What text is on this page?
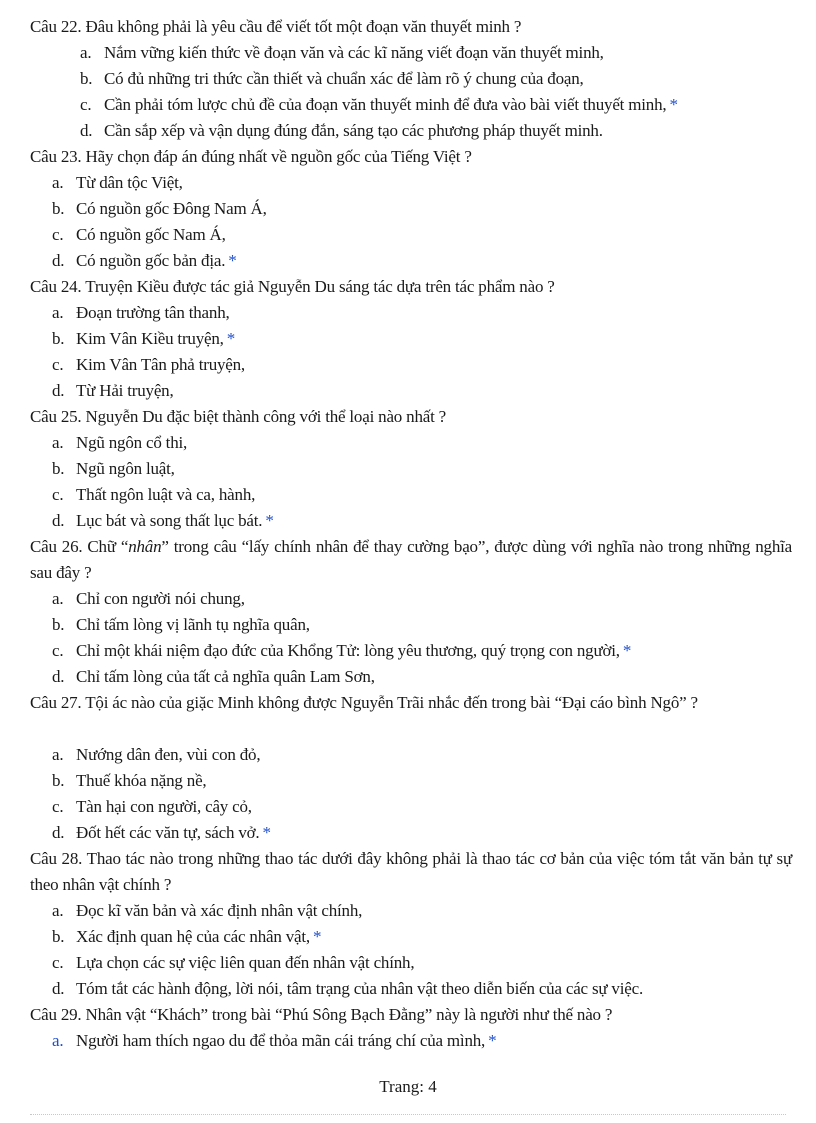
Câu 22. Đâu không phải là yêu cầu để viết tốt một đoạn văn thuyết minh ?
a. Nắm vững kiến thức về đoạn văn và các kĩ năng viết đoạn văn thuyết minh,
b. Có đủ những tri thức cần thiết và chuẩn xác để làm rõ ý chung của đoạn,
c. Cần phải tóm lược chủ đề của đoạn văn thuyết minh để đưa vào bài viết thuyết minh, *
d. Cần sắp xếp và vận dụng đúng đắn, sáng tạo các phương pháp thuyết minh.
Câu 23. Hãy chọn đáp án đúng nhất về nguồn gốc của Tiếng Việt ?
a. Từ dân tộc Việt,
b. Có nguồn gốc Đông Nam Á,
c. Có nguồn gốc Nam Á,
d. Có nguồn gốc bản địa. *
Câu 24. Truyện Kiều được tác giả Nguyễn Du sáng tác dựa trên tác phẩm nào ?
a. Đoạn trường tân thanh,
b. Kim Vân Kiều truyện, *
c. Kim Vân Tân phả truyện,
d. Từ Hải truyện,
Câu 25. Nguyễn Du đặc biệt thành công với thể loại nào nhất ?
a. Ngũ ngôn cổ thi,
b. Ngũ ngôn luật,
c. Thất ngôn luật và ca, hành,
d. Lục bát và song thất lục bát. *
Câu 26. Chữ “nhân” trong câu “lấy chính nhân để thay cường bạo”, được dùng với nghĩa nào trong những nghĩa sau đây ?
a. Chỉ con người nói chung,
b. Chỉ tấm lòng vị lãnh tụ nghĩa quân,
c. Chỉ một khái niệm đạo đức của Khổng Tử: lòng yêu thương, quý trọng con người, *
d. Chỉ tấm lòng của tất cả nghĩa quân Lam Sơn,
Câu 27. Tội ác nào của giặc Minh không được Nguyễn Trãi nhắc đến trong bài “Đại cáo bình Ngô” ?
a. Nướng dân đen, vùi con đỏ,
b. Thuế khóa nặng nề,
c. Tàn hại con người, cây cỏ,
d. Đốt hết các văn tự, sách vở. *
Câu 28. Thao tác nào trong những thao tác dưới đây không phải là thao tác cơ bản của việc tóm tắt văn bản tự sự theo nhân vật chính ?
a. Đọc kĩ văn bản và xác định nhân vật chính,
b. Xác định quan hệ của các nhân vật, *
c. Lựa chọn các sự việc liên quan đến nhân vật chính,
d. Tóm tắt các hành động, lời nói, tâm trạng của nhân vật theo diễn biến của các sự việc.
Câu 29. Nhân vật “Khách” trong bài “Phú Sông Bạch Đằng” này là người như thế nào ?
a. Người ham thích ngao du để thỏa mãn cái tráng chí của mình, *
Trang: 4
